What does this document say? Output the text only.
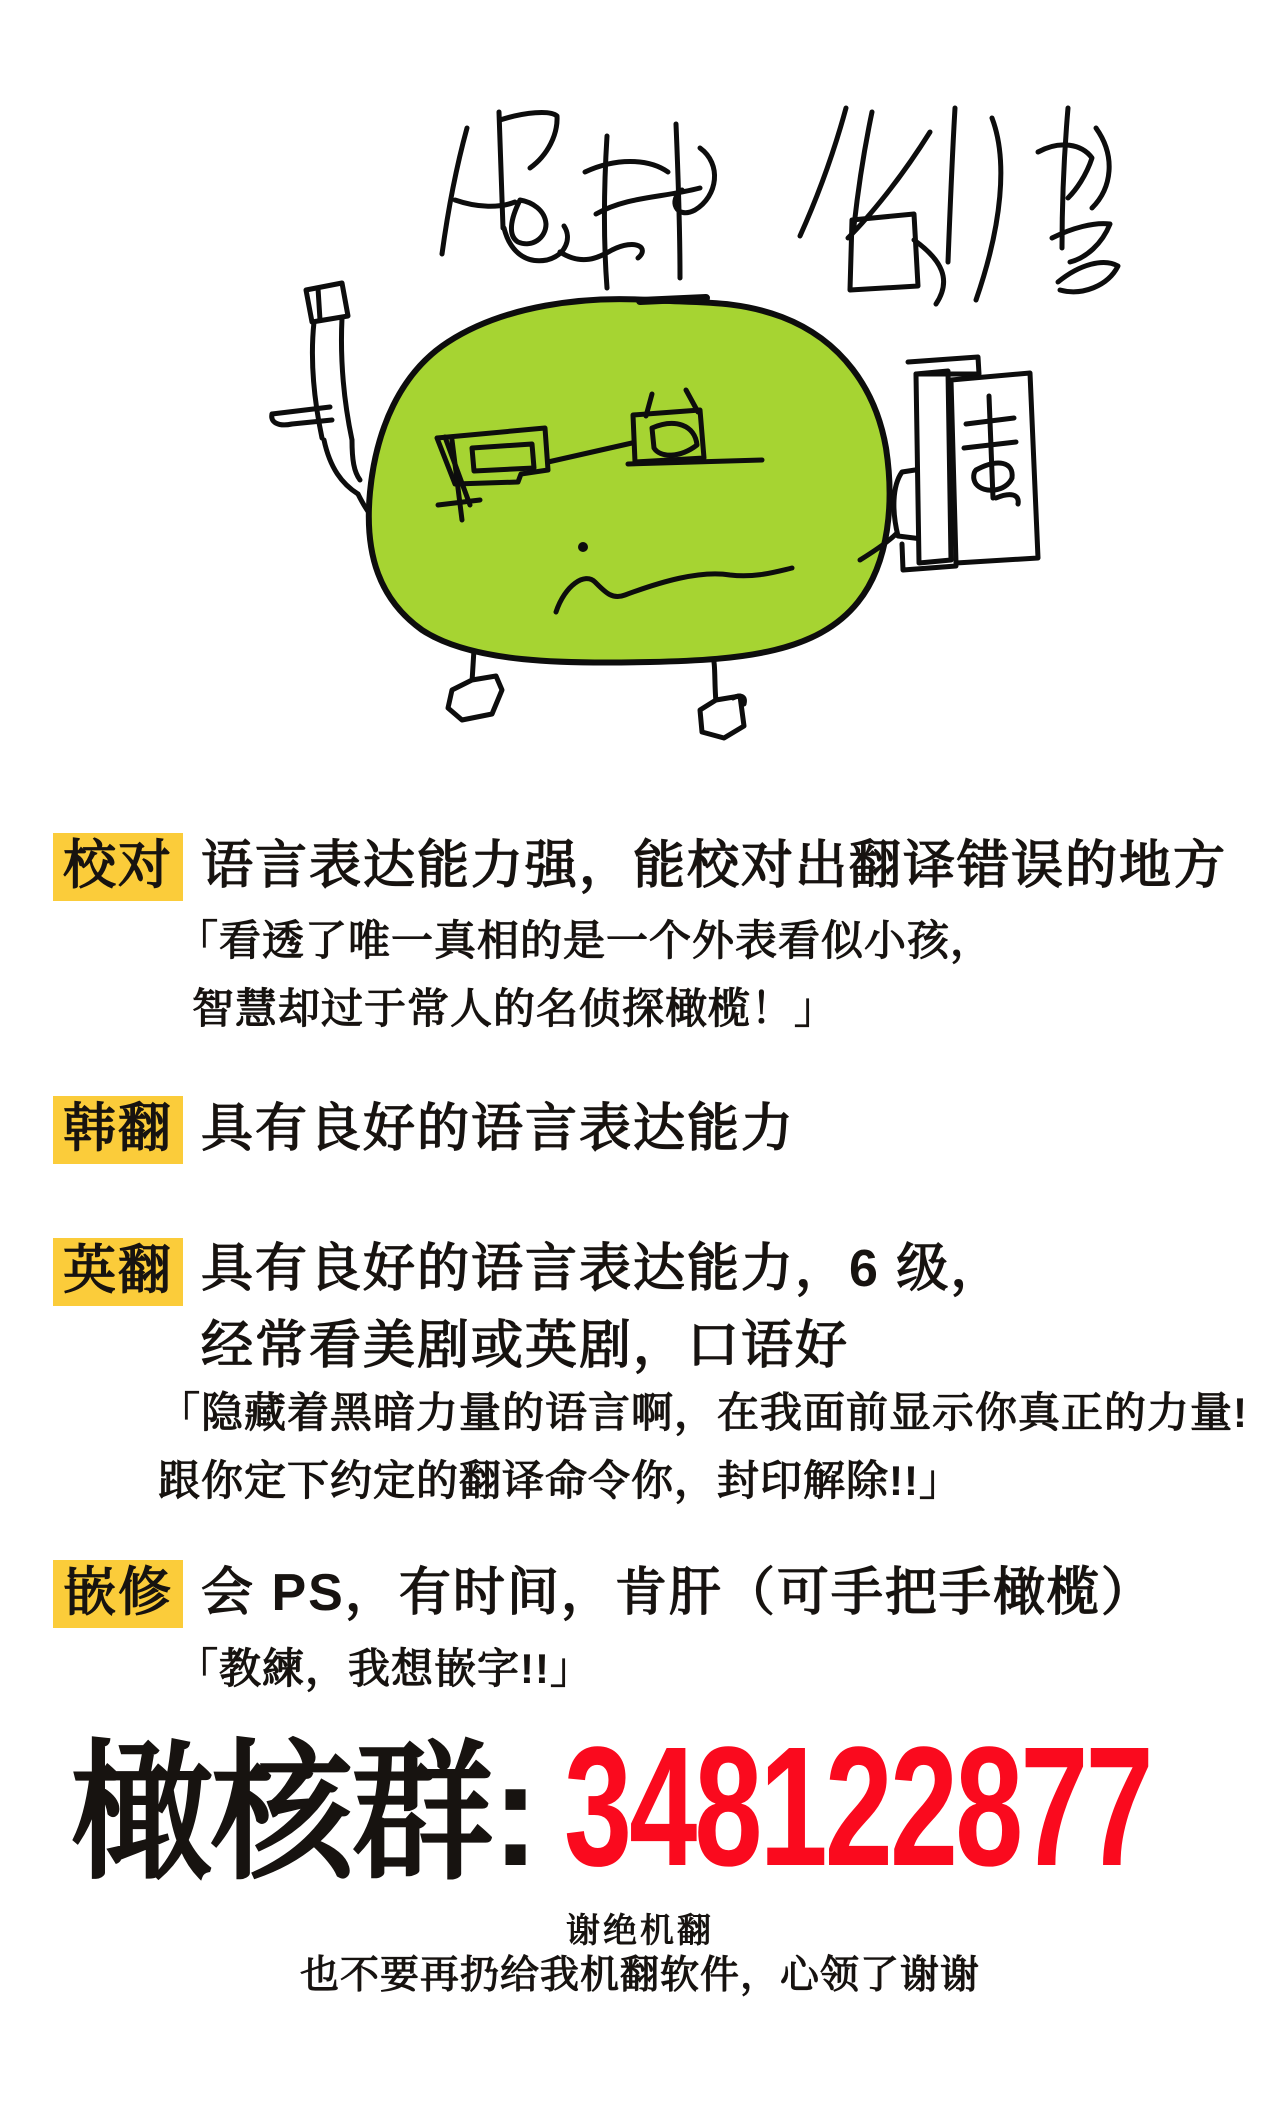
校对 语言表达能力强，能校对出翻译错误的地方
「看透了唯一真相的是一个外表看似小孩，
智慧却过于常人的名侦探橄榄！」
韩翻 具有良好的语言表达能力
英翻 具有良好的语言表达能力，6 级，
经常看美剧或英剧，口语好
「隐藏着黑暗力量的语言啊，在我面前显示你真正的力量!
跟你定下约定的翻译命令你，封印解除!!」
嵌修 会 PS，有时间，肯肝（可手把手橄榄）
「教練，我想嵌字!!」
橄核群: 348122877
谢绝机翻
也不要再扔给我机翻软件，心领了谢谢
